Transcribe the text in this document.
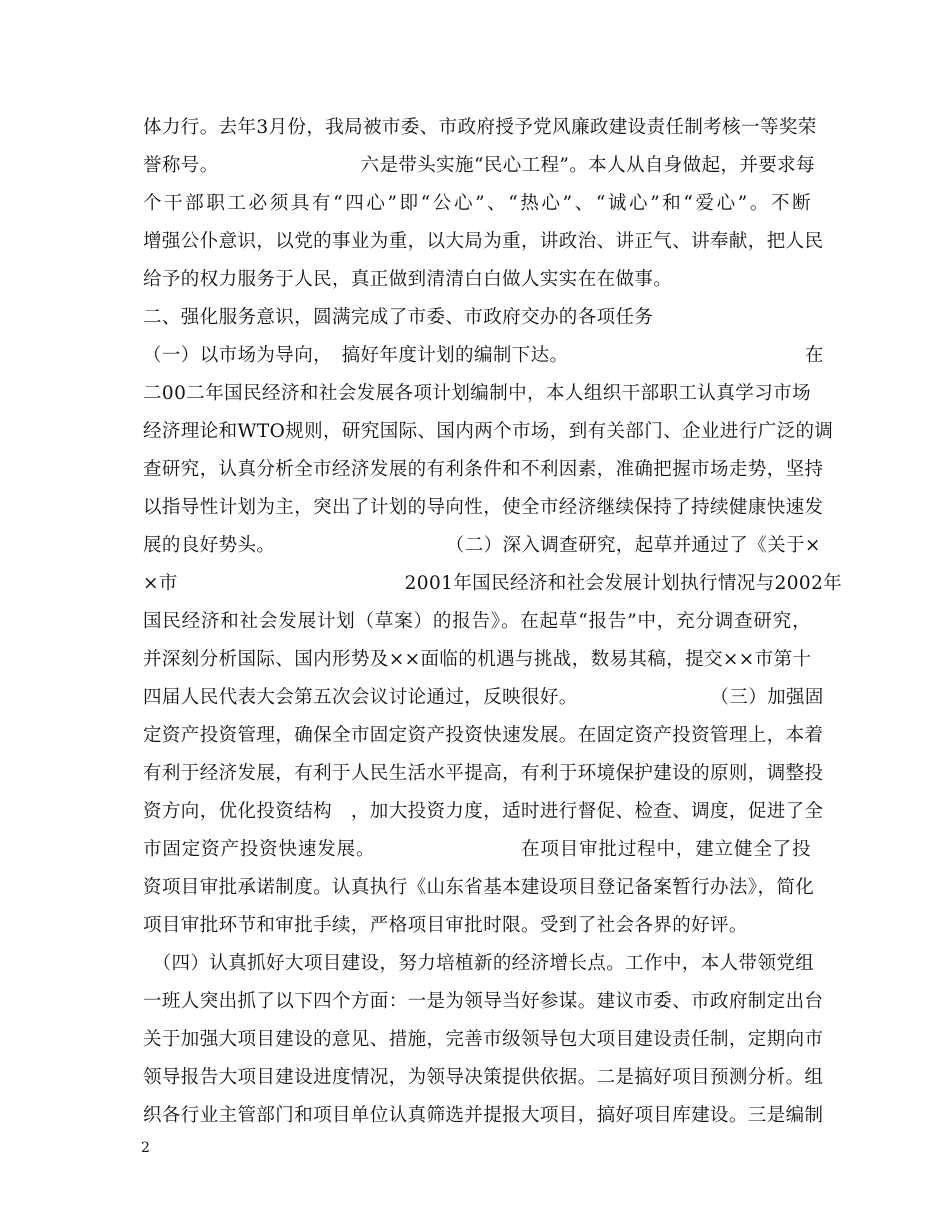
体力行。去年3月份，我局被市委、市政府授予党风廉政建设责任制考核一等奖荣
誉称号。　　　　　　　　六是带头实施“民心工程”。本人从自身做起，并要求每
个干部职工必须具有“四心”即“公心”、“热心”、“诚心”和“爱心”。不断
增强公仆意识，以党的事业为重，以大局为重，讲政治、讲正气、讲奉献，把人民
给予的权力服务于人民，真正做到清清白白做人实实在在做事。
二、强化服务意识，圆满完成了市委、市政府交办的各项任务
（一）以市场为导向，　搞好年度计划的编制下达。　　　　　　　　　　　　　在
二00二年国民经济和社会发展各项计划编制中，本人组织干部职工认真学习市场
经济理论和WTO规则，研究国际、国内两个市场，到有关部门、企业进行广泛的调
查研究，认真分析全市经济发展的有利条件和不利因素，准确把握市场走势，坚持
以指导性计划为主，突出了计划的导向性，使全市经济继续保持了持续健康快速发
展的良好势头。　　　　　　　　　　（二）深入调查研究，起草并通过了《关于×
×市　　　　　　　　　　　　2001年国民经济和社会发展计划执行情况与2002年
国民经济和社会发展计划（草案）的报告》。在起草“报告”中，充分调查研究，
并深刻分析国际、国内形势及××面临的机遇与挑战，数易其稿，提交××市第十
四届人民代表大会第五次会议讨论通过，反映很好。　　　　　　　　（三）加强固
定资产投资管理，确保全市固定资产投资快速发展。在固定资产投资管理上，本着
有利于经济发展，有利于人民生活水平提高，有利于环境保护建设的原则，调整投
资方向，优化投资结构　，加大投资力度，适时进行督促、检查、调度，促进了全
市固定资产投资快速发展。　　　　　　　　在项目审批过程中，建立健全了投
资项目审批承诺制度。认真执行《山东省基本建设项目登记备案暂行办法》，简化
项目审批环节和审批手续，严格项目审批时限。受到了社会各界的好评。
　（四）认真抓好大项目建设，努力培植新的经济增长点。工作中，本人带领党组
一班人突出抓了以下四个方面：一是为领导当好参谋。建议市委、市政府制定出台
关于加强大项目建设的意见、措施，完善市级领导包大项目建设责任制，定期向市
领导报告大项目建设进度情况，为领导决策提供依据。二是搞好项目预测分析。组
织各行业主管部门和项目单位认真筛选并提报大项目，搞好项目库建设。三是编制
2
